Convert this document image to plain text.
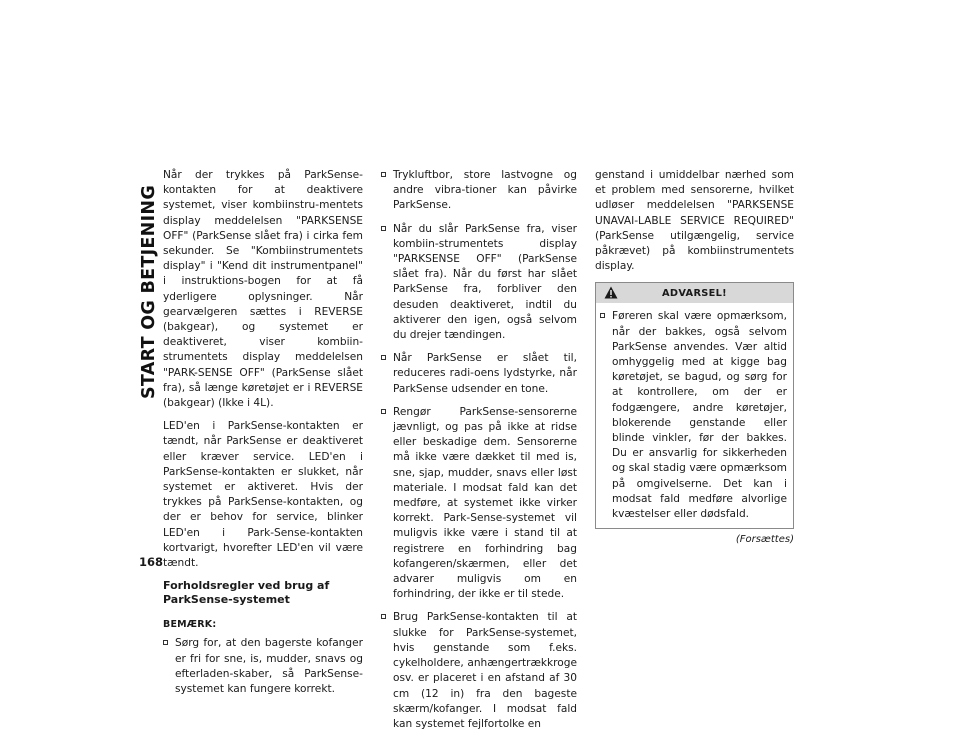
START OG BETJENING
168

Når der trykkes på ParkSense-kontakten for at deaktivere systemet, viser kombiinstru-mentets display meddelelsen "PARKSENSE OFF" (ParkSense slået fra) i cirka fem sekunder. Se "Kombiinstrumentets display" i "Kend dit instrumentpanel" i instruktions-bogen for at få yderligere oplysninger. Når gearvælgeren sættes i REVERSE (bakgear), og systemet er deaktiveret, viser kombiin-strumentets display meddelelsen "PARK-SENSE OFF" (ParkSense slået fra), så længe køretøjet er i REVERSE (bakgear) (Ikke i 4L).

LED'en i ParkSense-kontakten er tændt, når ParkSense er deaktiveret eller kræver service. LED'en i ParkSense-kontakten er slukket, når systemet er aktiveret. Hvis der trykkes på ParkSense-kontakten, og der er behov for service, blinker LED'en i Park-Sense-kontakten kortvarigt, hvorefter LED'en vil være tændt.

Forholdsregler ved brug af
ParkSense-systemet
BEMÆRK:
Sørg for, at den bagerste kofanger er fri for sne, is, mudder, snavs og efterladen-skaber, så ParkSense-systemet kan fungere korrekt.
Trykluftbor, store lastvogne og andre vibra-tioner kan påvirke ParkSense.
Når du slår ParkSense fra, viser kombiin-strumentets display "PARKSENSE OFF" (ParkSense slået fra). Når du først har slået ParkSense fra, forbliver den desuden deaktiveret, indtil du aktiverer den igen, også selvom du drejer tændingen.
Når ParkSense er slået til, reduceres radi-oens lydstyrke, når ParkSense udsender en tone.
Rengør ParkSense-sensorerne jævnligt, og pas på ikke at ridse eller beskadige dem. Sensorerne må ikke være dækket til med is, sne, sjap, mudder, snavs eller løst materiale. I modsat fald kan det medføre, at systemet ikke virker korrekt. Park-Sense-systemet vil muligvis ikke være i stand til at registrere en forhindring bag kofangeren/skærmen, eller det advarer muligvis om en forhindring, der ikke er til stede.
Brug ParkSense-kontakten til at slukke for ParkSense-systemet, hvis genstande som f.eks. cykelholdere, anhængertrækkroge osv. er placeret i en afstand af 30 cm (12 in) fra den bageste skærm/kofanger. I modsat fald kan systemet fejlfortolke en

genstand i umiddelbar nærhed som et problem med sensorerne, hvilket udløser meddelelsen "PARKSENSE UNAVAI-LABLE SERVICE REQUIRED" (ParkSense utilgængelig, service påkrævet) på kombiinstrumentets display.

ADVARSEL!
Føreren skal være opmærksom, når der bakkes, også selvom ParkSense anvendes. Vær altid omhyggelig med at kigge bag køretøjet, se bagud, og sørg for at kontrollere, om der er fodgængere, andre køretøjer, blokerende genstande eller blinde vinkler, før der bakkes. Du er ansvarlig for sikkerheden og skal stadig være opmærksom på omgivelserne. Det kan i modsat fald medføre alvorlige kvæstelser eller dødsfald.
(Forsættes)
